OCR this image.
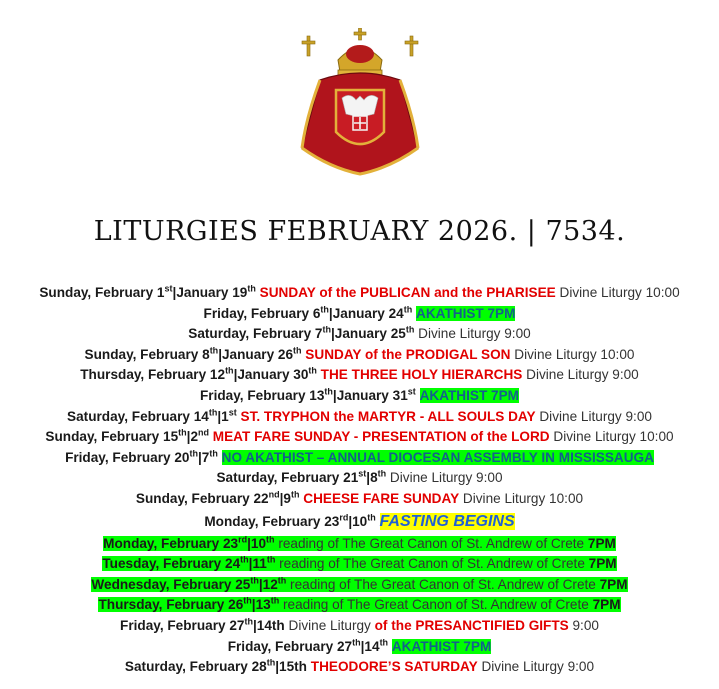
LITURGIES FEBRUARY 2026. | 7534.
Sunday, February 1st|January 19th SUNDAY of the PUBLICAN and the PHARISEE Divine Liturgy 10:00
Friday, February 6th|January 24th AKATHIST 7PM
Saturday, February 7th|January 25th Divine Liturgy 9:00
Sunday, February 8th|January 26th SUNDAY of the PRODIGAL SON Divine Liturgy 10:00
Thursday, February 12th|January 30th THE THREE HOLY HIERARCHS Divine Liturgy 9:00
Friday, February 13th|January 31st AKATHIST 7PM
Saturday, February 14th|1st ST. TRYPHON the MARTYR - ALL SOULS DAY Divine Liturgy 9:00
Sunday, February 15th|2nd MEAT FARE SUNDAY - PRESENTATION of the LORD Divine Liturgy 10:00
Friday, February 20th|7th NO AKATHIST – ANNUAL DIOCESAN ASSEMBLY IN MISSISSAUGA
Saturday, February 21st|8th Divine Liturgy 9:00
Sunday, February 22nd|9th CHEESE FARE SUNDAY Divine Liturgy 10:00
Monday, February 23rd|10th FASTING BEGINS
Monday, February 23rd|10th reading of The Great Canon of St. Andrew of Crete 7PM
Tuesday, February 24th|11th reading of The Great Canon of St. Andrew of Crete 7PM
Wednesday, February 25th|12th reading of The Great Canon of St. Andrew of Crete 7PM
Thursday, February 26th|13th reading of The Great Canon of St. Andrew of Crete 7PM
Friday, February 27th|14th Divine Liturgy of the PRESANCTIFIED GIFTS 9:00
Friday, February 27th|14th AKATHIST 7PM
Saturday, February 28th|15th THEODORE’S SATURDAY Divine Liturgy 9:00
